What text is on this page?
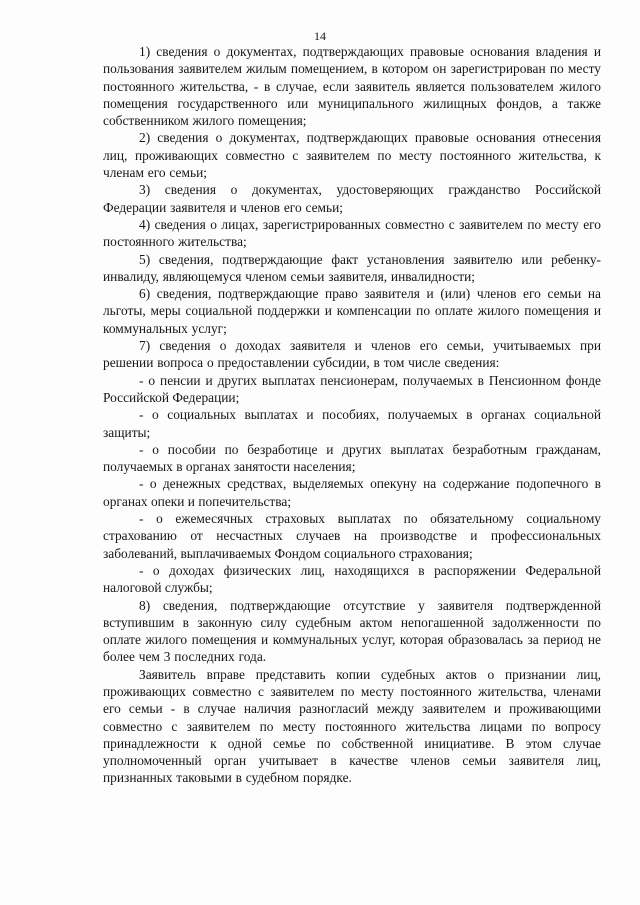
14

1) сведения о документах, подтверждающих правовые основания владения и пользования заявителем жилым помещением, в котором он зарегистрирован по месту постоянного жительства, - в случае, если заявитель является пользователем жилого помещения государственного или муниципального жилищных фондов, а также собственником жилого помещения;

2) сведения о документах, подтверждающих правовые основания отнесения лиц, проживающих совместно с заявителем по месту постоянного жительства, к членам его семьи;

3) сведения о документах, удостоверяющих гражданство Российской Федерации заявителя и членов его семьи;

4) сведения о лицах, зарегистрированных совместно с заявителем по месту его постоянного жительства;

5) сведения, подтверждающие факт установления заявителю или ребенку-инвалиду, являющемуся членом семьи заявителя, инвалидности;

6) сведения, подтверждающие право заявителя и (или) членов его семьи на льготы, меры социальной поддержки и компенсации по оплате жилого помещения и коммунальных услуг;

7) сведения о доходах заявителя и членов его семьи, учитываемых при решении вопроса о предоставлении субсидии, в том числе сведения:

- о пенсии и других выплатах пенсионерам, получаемых в Пенсионном фонде Российской Федерации;

- о социальных выплатах и пособиях, получаемых в органах социальной защиты;

- о пособии по безработице и других выплатах безработным гражданам, получаемых в органах занятости населения;

- о денежных средствах, выделяемых опекуну на содержание подопечного в органах опеки и попечительства;

- о ежемесячных страховых выплатах по обязательному социальному страхованию от несчастных случаев на производстве и профессиональных заболеваний, выплачиваемых Фондом социального страхования;

- о доходах физических лиц, находящихся в распоряжении Федеральной налоговой службы;

8) сведения, подтверждающие отсутствие у заявителя подтвержденной вступившим в законную силу судебным актом непогашенной задолженности по оплате жилого помещения и коммунальных услуг, которая образовалась за период не более чем 3 последних года.

Заявитель вправе представить копии судебных актов о признании лиц, проживающих совместно с заявителем по месту постоянного жительства, членами его семьи - в случае наличия разногласий между заявителем и проживающими совместно с заявителем по месту постоянного жительства лицами по вопросу принадлежности к одной семье по собственной инициативе. В этом случае уполномоченный орган учитывает в качестве членов семьи заявителя лиц, признанных таковыми в судебном порядке.
